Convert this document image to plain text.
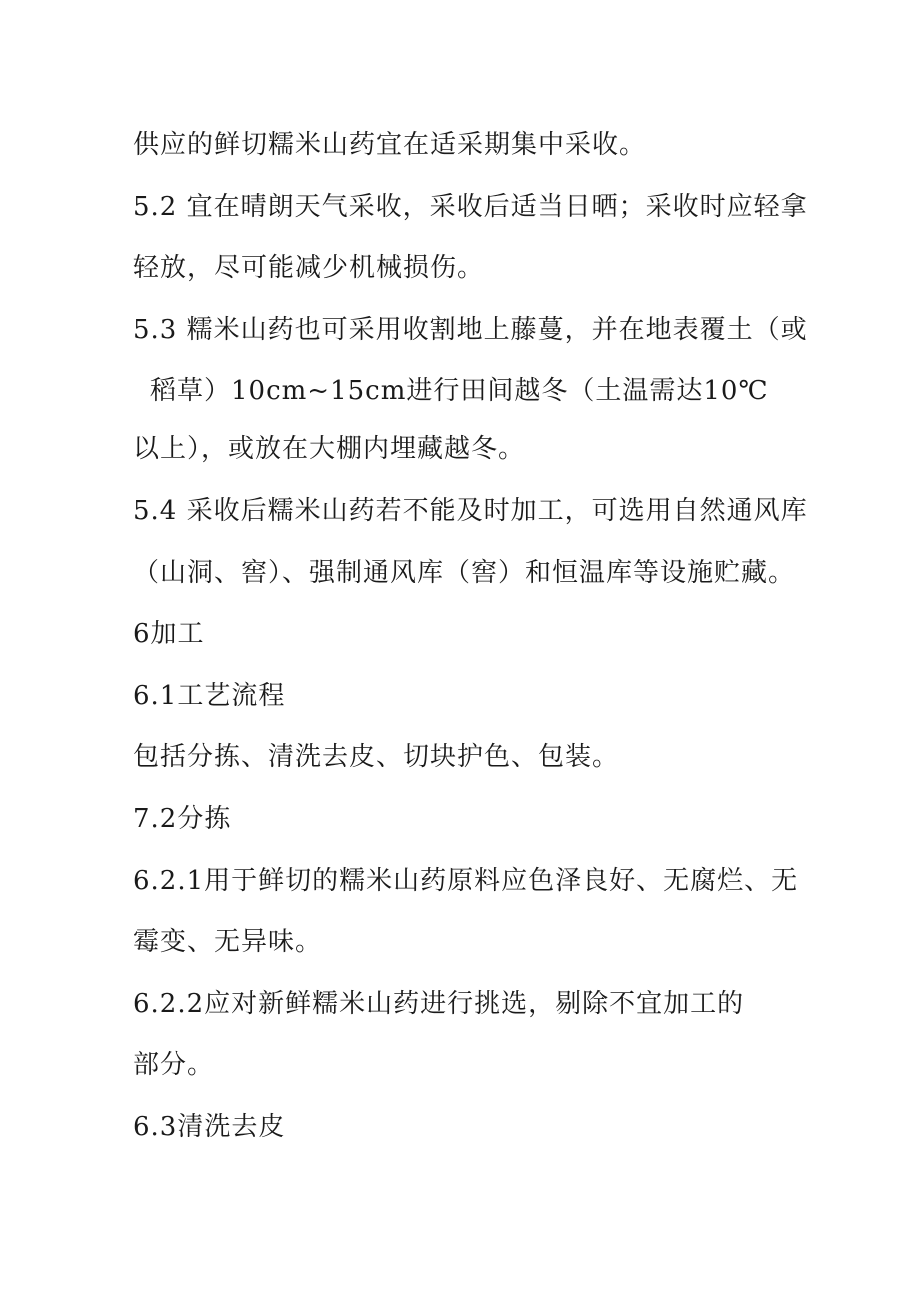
供应的鲜切糯米山药宜在适采期集中采收。
5.2 宜在晴朗天气采收，采收后适当日晒；采收时应轻拿
轻放，尽可能减少机械损伤。
5.3 糯米山药也可采用收割地上藤蔓，并在地表覆土（或
稻草）10cm~15cm进行田间越冬（土温需达10℃
以上），或放在大棚内埋藏越冬。
5.4 采收后糯米山药若不能及时加工，可选用自然通风库
（山洞、窖）、强制通风库（窖）和恒温库等设施贮藏。
6加工
6.1工艺流程
包括分拣、清洗去皮、切块护色、包装。
7.2分拣
6.2.1用于鲜切的糯米山药原料应色泽良好、无腐烂、无
霉变、无异味。
6.2.2应对新鲜糯米山药进行挑选，剔除不宜加工的
部分。
6.3清洗去皮
